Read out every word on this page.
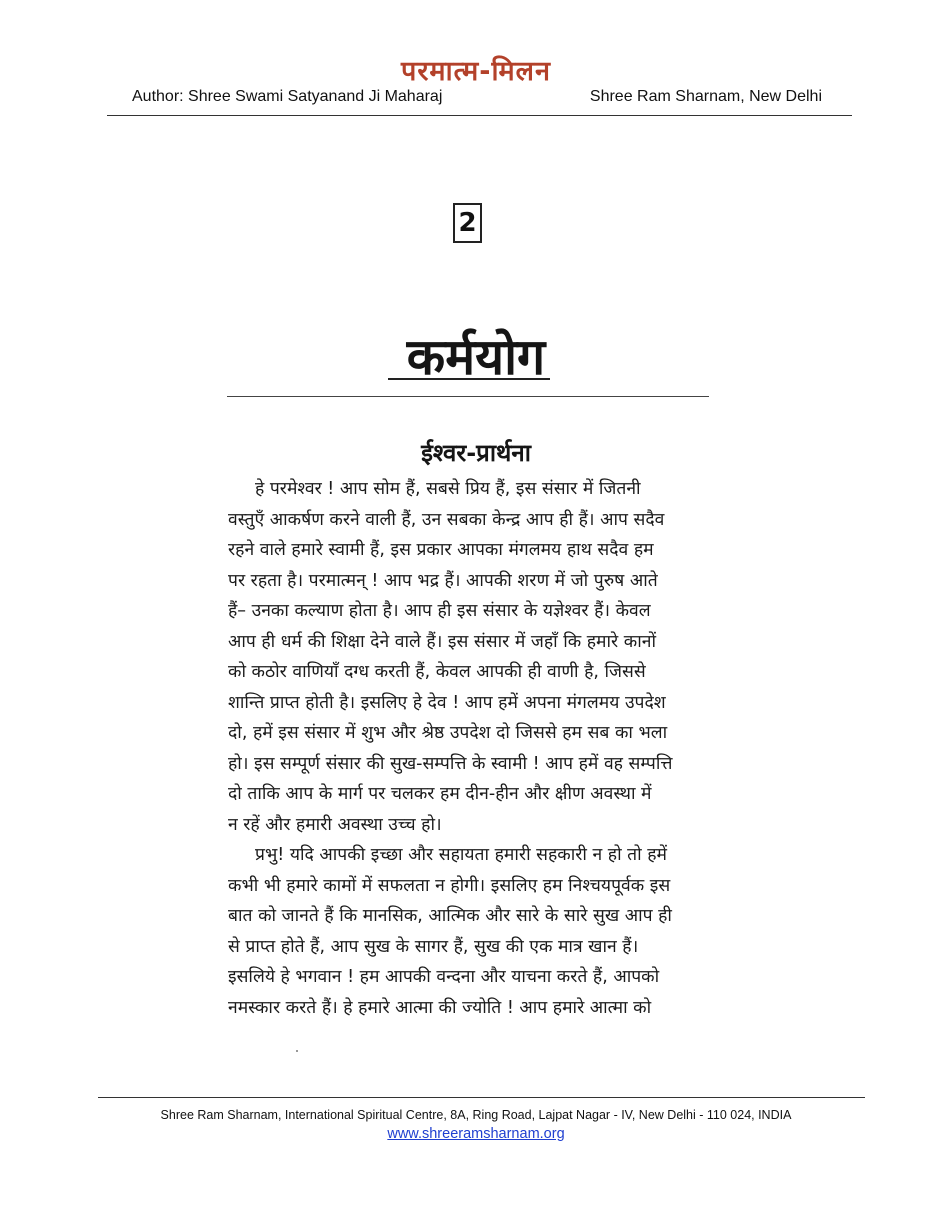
परमात्म-मिलन
Author: Shree Swami Satyanand Ji Maharaj	Shree Ram Sharnam, New Delhi
2
कर्मयोग
ईश्वर-प्रार्थना
हे परमेश्वर ! आप सोम हैं, सबसे प्रिय हैं, इस संसार में जितनी
वस्तुएँ आकर्षण करने वाली हैं, उन सबका केन्द्र आप ही हैं। आप सदैव
रहने वाले हमारे स्वामी हैं, इस प्रकार आपका मंगलमय हाथ सदैव हम
पर रहता है। परमात्मन् ! आप भद्र हैं। आपकी शरण में जो पुरुष आते
हैं– उनका कल्याण होता है। आप ही इस संसार के यज्ञेश्वर हैं। केवल
आप ही धर्म की शिक्षा देने वाले हैं। इस संसार में जहाँ कि हमारे कानों
को कठोर वाणियाँ दग्ध करती हैं, केवल आपकी ही वाणी है, जिससे
शान्ति प्राप्त होती है। इसलिए हे देव ! आप हमें अपना मंगलमय उपदेश
दो, हमें इस संसार में शुभ और श्रेष्ठ उपदेश दो जिससे हम सब का भला
हो। इस सम्पूर्ण संसार की सुख-सम्पत्ति के स्वामी ! आप हमें वह सम्पत्ति
दो ताकि आप के मार्ग पर चलकर हम दीन-हीन और क्षीण अवस्था में
न रहें और हमारी अवस्था उच्च हो।
प्रभु! यदि आपकी इच्छा और सहायता हमारी सहकारी न हो तो हमें
कभी भी हमारे कामों में सफलता न होगी। इसलिए हम निश्चयपूर्वक इस
बात को जानते हैं कि मानसिक, आत्मिक और सारे के सारे सुख आप ही
से प्राप्त होते हैं, आप सुख के सागर हैं, सुख की एक मात्र खान हैं।
इसलिये हे भगवान ! हम आपकी वन्दना और याचना करते हैं, आपको
नमस्कार करते हैं। हे हमारे आत्मा की ज्योति ! आप हमारे आत्मा को
Shree Ram Sharnam, International Spiritual Centre, 8A, Ring Road, Lajpat Nagar - IV, New Delhi - 110 024, INDIA
www.shreeramsharnam.org
